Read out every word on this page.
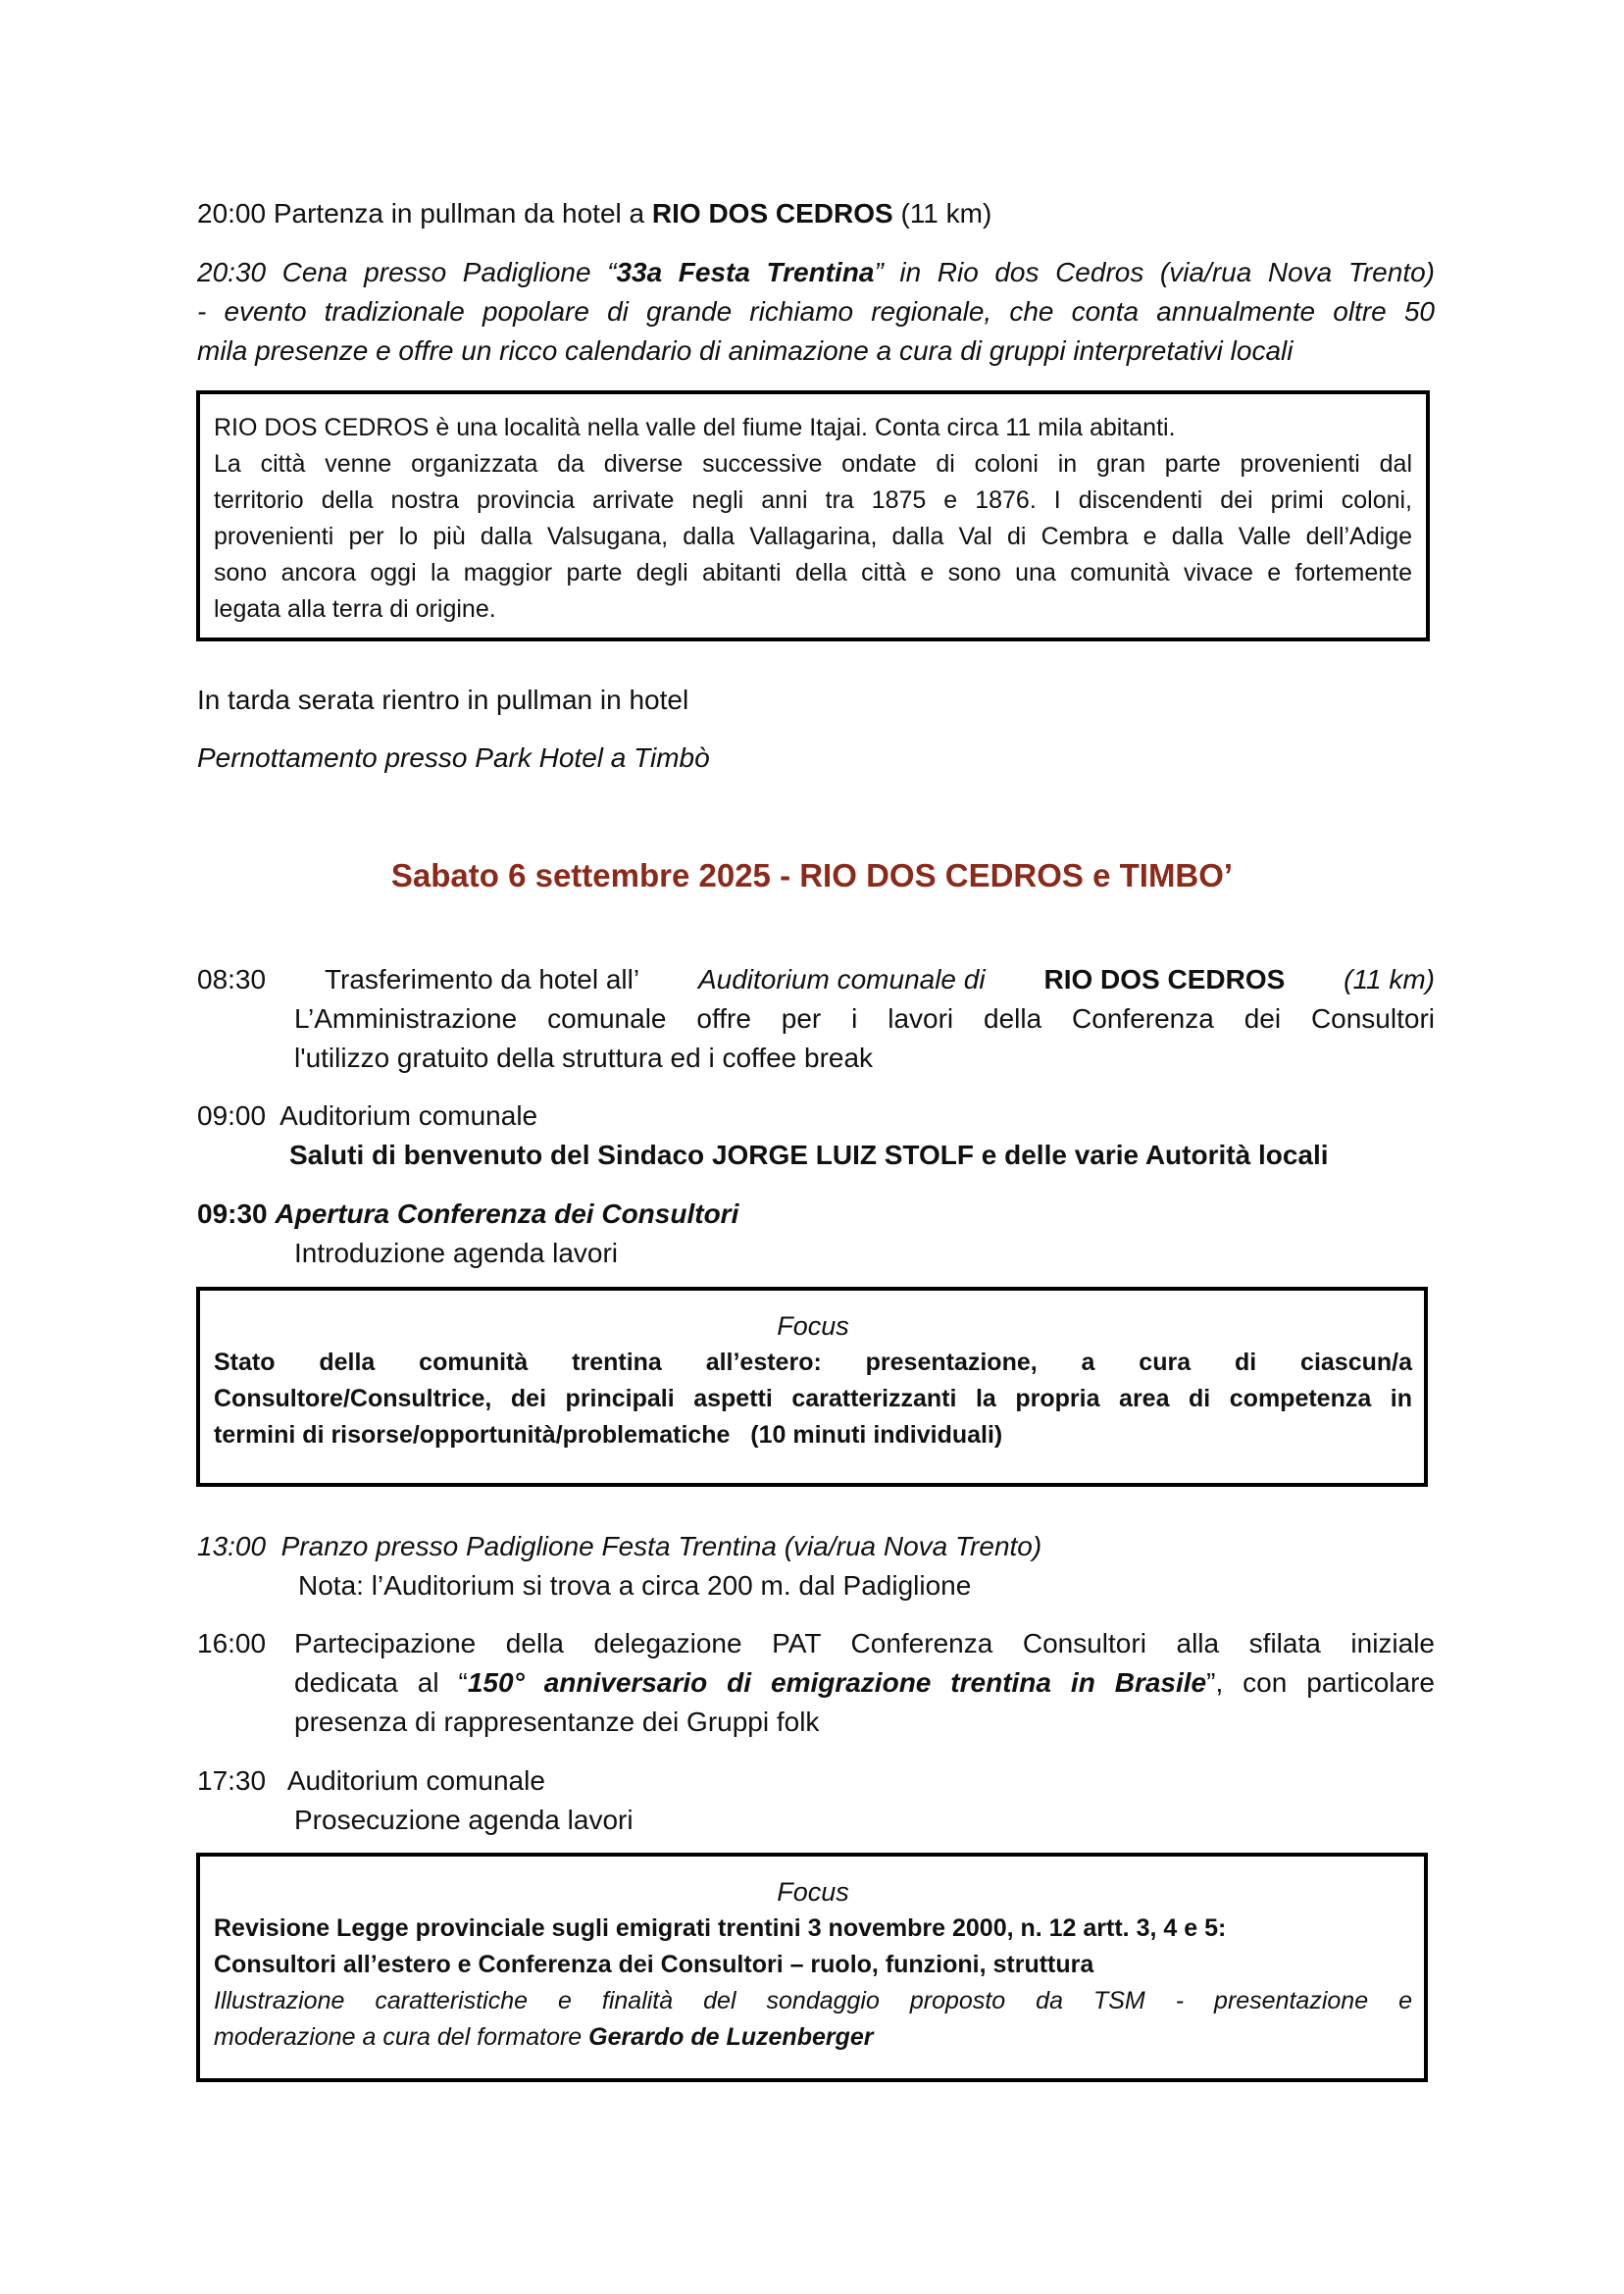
20:00 Partenza in pullman da hotel a RIO DOS CEDROS (11 km)
20:30 Cena presso Padiglione “33a Festa Trentina” in Rio dos Cedros (via/rua Nova Trento)
- evento tradizionale popolare di grande richiamo regionale, che conta annualmente oltre 50
mila presenze e offre un ricco calendario di animazione a cura di gruppi interpretativi locali
RIO DOS CEDROS è una località nella valle del fiume Itajai. Conta circa 11 mila abitanti.
La città venne organizzata da diverse successive ondate di coloni in gran parte provenienti dal
territorio della nostra provincia arrivate negli anni tra 1875 e 1876. I discendenti dei primi coloni,
provenienti per lo più dalla Valsugana, dalla Vallagarina, dalla Val di Cembra e dalla Valle dell’Adige
sono ancora oggi la maggior parte degli abitanti della città e sono una comunità vivace e fortemente
legata alla terra di origine.
In tarda serata rientro in pullman in hotel
Pernottamento presso Park Hotel a Timbò
Sabato 6 settembre 2025 - RIO DOS CEDROS e TIMBO’
08:30 Trasferimento da hotel all’ Auditorium comunale di RIO DOS CEDROS (11 km)
L’Amministrazione comunale offre per i lavori della Conferenza dei Consultori
l'utilizzo gratuito della struttura ed i coffee break
09:00 Auditorium comunale
Saluti di benvenuto del Sindaco JORGE LUIZ STOLF e delle varie Autorità locali
09:30 Apertura Conferenza dei Consultori
Introduzione agenda lavori
Focus
Stato della comunità trentina all’estero: presentazione, a cura di ciascun/a
Consultore/Consultrice, dei principali aspetti caratterizzanti la propria area di competenza in
termini di risorse/opportunità/problematiche   (10 minuti individuali)
13:00 Pranzo presso Padiglione Festa Trentina (via/rua Nova Trento)
Nota: l’Auditorium si trova a circa 200 m. dal Padiglione
16:00	Partecipazione della delegazione PAT Conferenza Consultori alla sfilata iniziale
dedicata al “150° anniversario di emigrazione trentina in Brasile”, con particolare
presenza di rappresentanze dei Gruppi folk
17:30 Auditorium comunale
Prosecuzione agenda lavori
Focus
Revisione Legge provinciale sugli emigrati trentini 3 novembre 2000, n. 12 artt. 3, 4 e 5:
Consultori all’estero e Conferenza dei Consultori – ruolo, funzioni, struttura
Illustrazione caratteristiche e finalità del sondaggio proposto da TSM - presentazione e
moderazione a cura del formatore Gerardo de Luzenberger
